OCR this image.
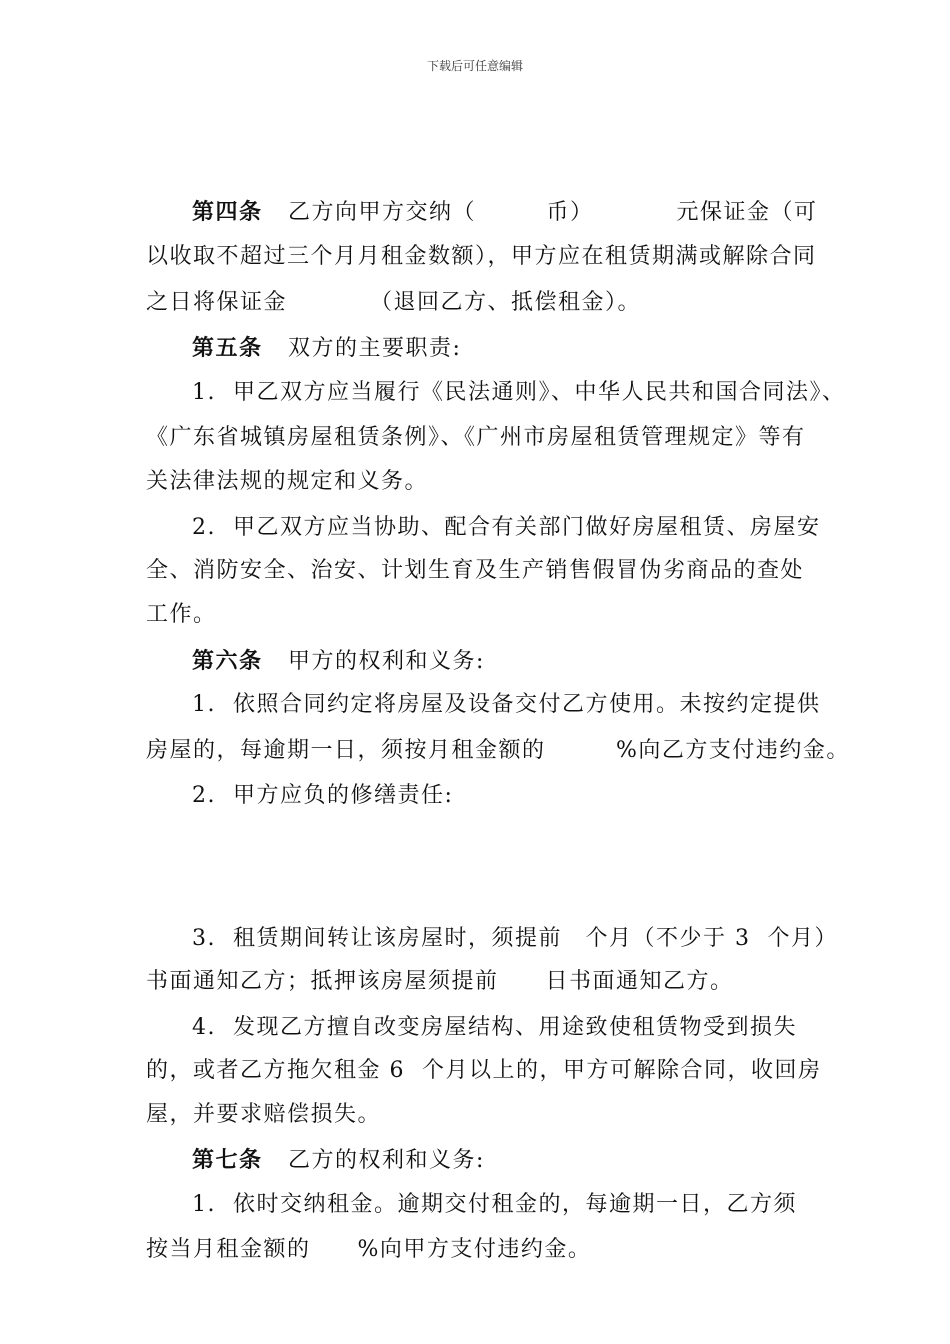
下载后可任意编辑
第四条 乙方向甲方交纳（　　　币）　　　　元保证金（可
以收取不超过三个月月租金数额），甲方应在租赁期满或解除合同
之日将保证金　　　　（退回乙方、抵偿租金）。
第五条 双方的主要职责:
1.  甲乙双方应当履行《民法通则》、中华人民共和国合同法》、
《广东省城镇房屋租赁条例》、《广州市房屋租赁管理规定》等有
关法律法规的规定和义务。
2.  甲乙双方应当协助、配合有关部门做好房屋租赁、房屋安
全、消防安全、治安、计划生育及生产销售假冒伪劣商品的查处
工作。
第六条 甲方的权利和义务:
1.  依照合同约定将房屋及设备交付乙方使用。未按约定提供
房屋的，每逾期一日，须按月租金额的　　　%向乙方支付违约金。
2.  甲方应负的修缮责任:
3.  租赁期间转让该房屋时，须提前　个月（不少于 3  个月）
书面通知乙方；抵押该房屋须提前　　日书面通知乙方。
4.  发现乙方擅自改变房屋结构、用途致使租赁物受到损失
的，或者乙方拖欠租金 6  个月以上的，甲方可解除合同，收回房
屋，并要求赔偿损失。
第七条 乙方的权利和义务:
1.  依时交纳租金。逾期交付租金的，每逾期一日，乙方须
按当月租金额的　　%向甲方支付违约金。
